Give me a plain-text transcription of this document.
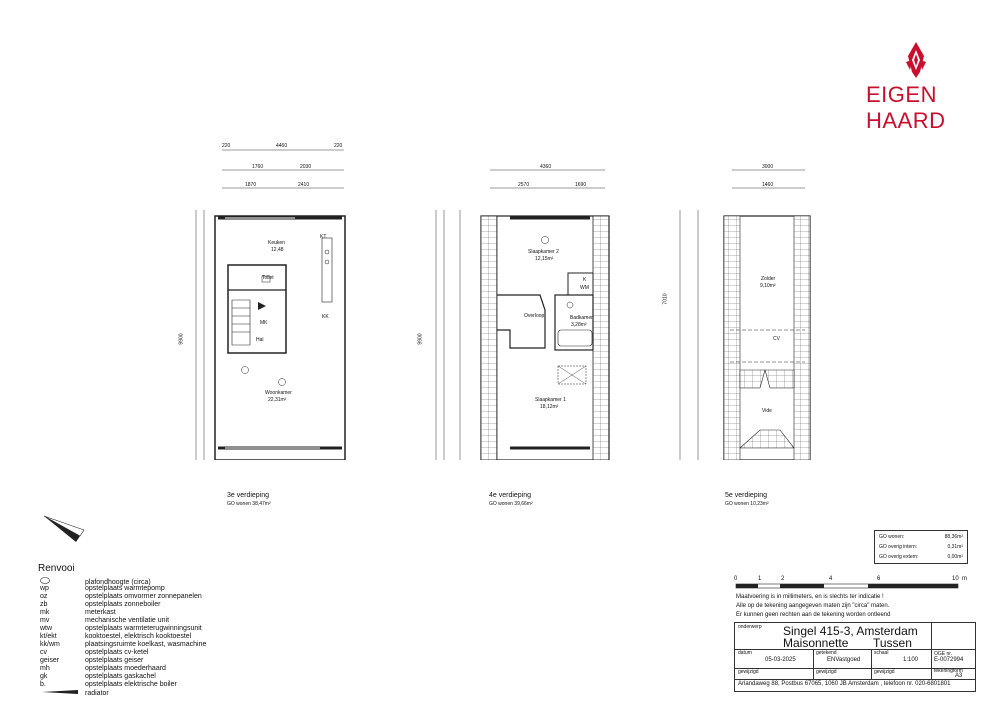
EIGEN HAARD
Keuken
12,48
Toilet
MK
Hal
Woonkamer
22,31m²
KT
KK
4460
220	220
1760	2030
1870	2410
9900
3e verdieping
GO wonen 38,47m²
Slaapkamer 2
12,15m²
Overloop	Badkamer
3,28m²
K
WM
Slaapkamer 1
18,12m²
4360
2570	1690
9900
4e verdieping
GO wonen 39,66m²
Zolder
9,10m²
CV
Vide
3000
1460
7010
5e verdieping
GO wonen 10,23m²
GO wonen:	88,36m²
GO overig intern:	0,31m²
GO overig extern:	0,00m²
Renvooi
plafondhoogte (circa)
wp	opstelplaats warmtepomp
oz	opstelplaats omvormer zonnepanelen
zb	opstelplaats zonneboiler
mk	meterkast
mv	mechanische ventilatie unit
wtw	opstelplaats warmteterugwinningsunit
kt/ekt	kooktoestel, elektrisch kooktoestel
kk/wm	plaatsingsruimte koelkast, wasmachine
cv	opstelplaats cv-ketel
geiser	opstelplaats geiser
mh	opstelplaats moederhaard
gk	opstelplaats gaskachel
b.	opstelplaats elektrische boiler
radiator
0	1	2	4	6	10 m
Maatvoering is in millimeters, en is slechts ter indicatie !
Alle op de tekening aangegeven maten zijn "circa" maten.
Er kunnen geen rechten aan de tekening worden ontleend
onderwerp Singel 415-3, Amsterdam
Maisonnette Tussen
OGE nr.
E-0072994
datum
05-03-2025
getekend
ENVastgoed
schaal
1:100
gewijzigd	gewijzigd	gewijzigd	tekeningform
A3
Arlandaweg 88, Postbus 67065, 1060 JB Amsterdam , telefoon nr. 020-6801801
